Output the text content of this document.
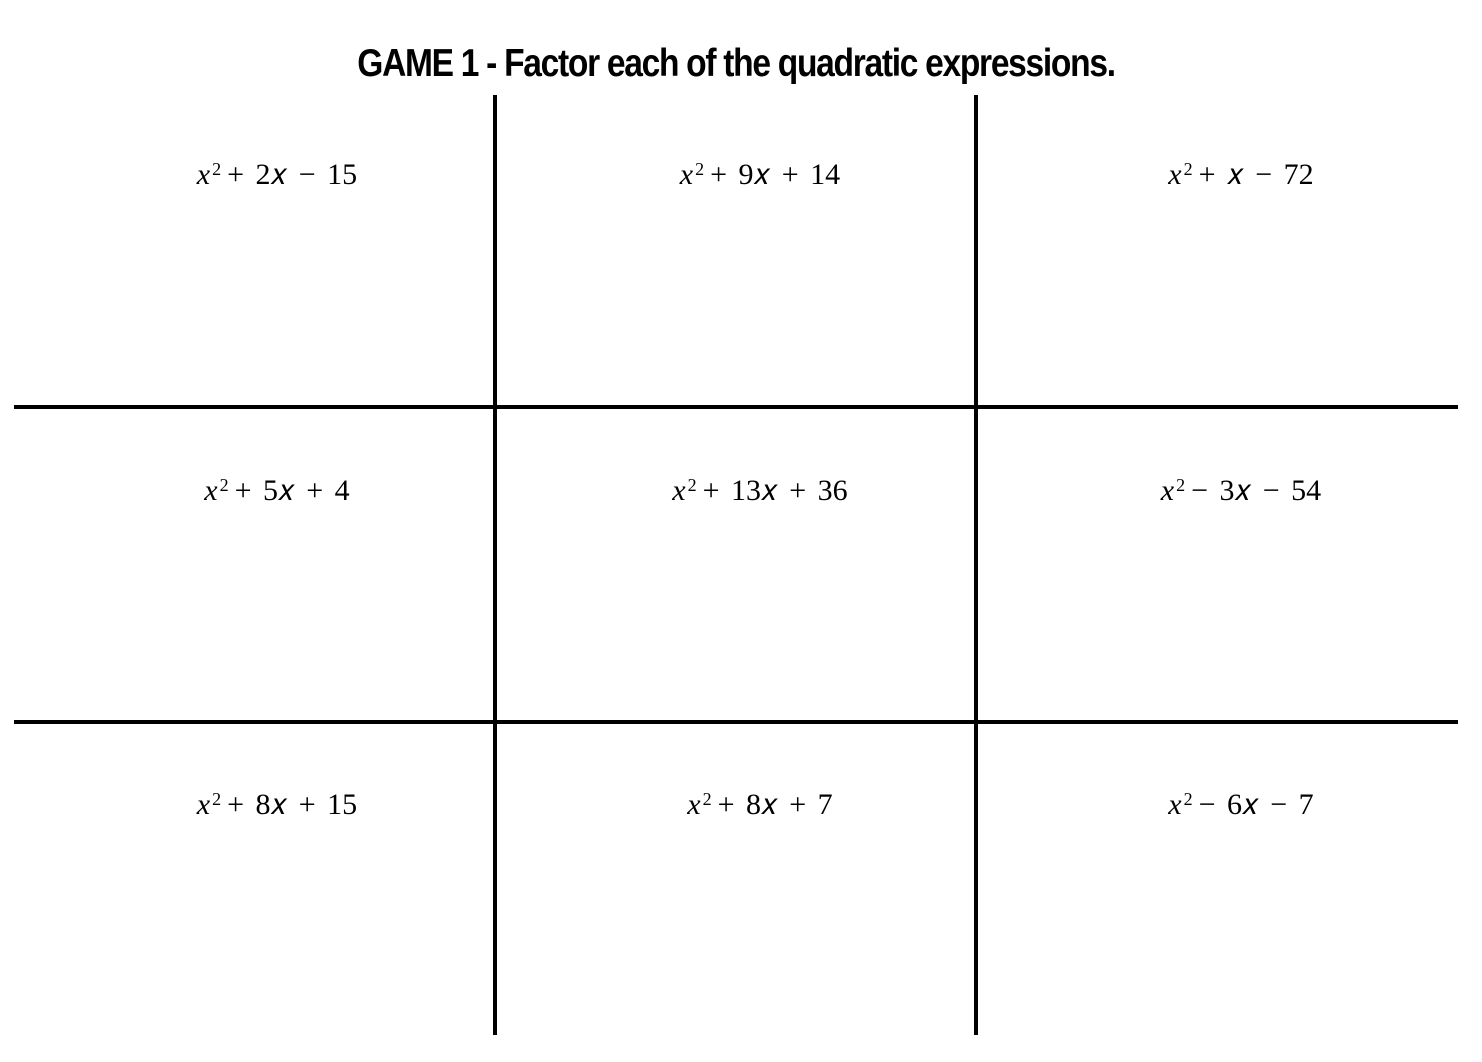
GAME 1 - Factor each of the quadratic expressions.

x $^2$ + 2𝑥 − 15
	x $^2$ + 9𝑥 + 14
	x $^2$ + 𝑥 − 72

x $^2$ + 5𝑥 + 4
	x $^2$ + 13𝑥 + 36
	x $^2$ − 3𝑥 − 54

x $^2$ + 8𝑥 + 15
	x $^2$ + 8𝑥 + 7
	x $^2$ − 6𝑥 − 7
